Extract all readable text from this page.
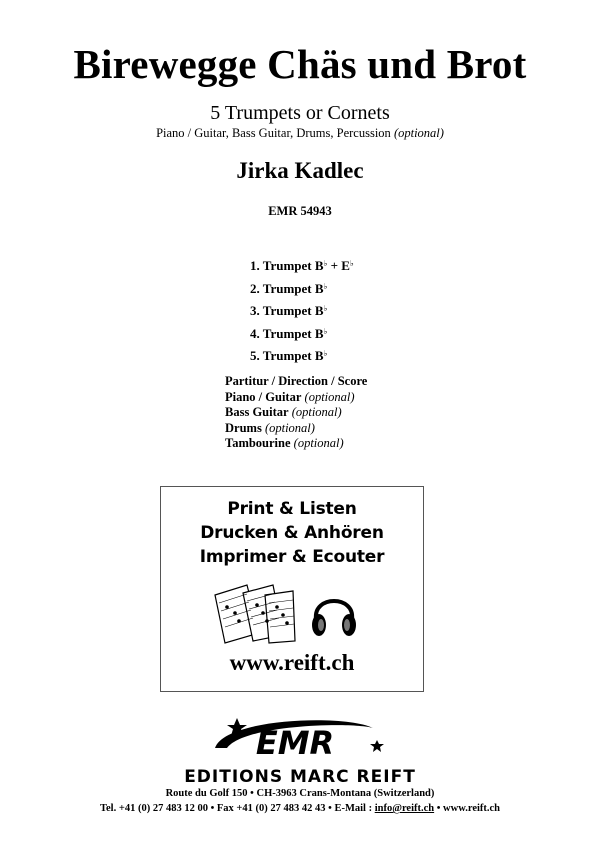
Birewegge Chäs und Brot
5 Trumpets or Cornets
Piano / Guitar, Bass Guitar, Drums, Percussion (optional)
Jirka Kadlec
EMR 54943
1. Trumpet B♭ + E♭
2. Trumpet B♭
3. Trumpet B♭
4. Trumpet B♭
5. Trumpet B♭
Partitur / Direction / Score
Piano / Guitar (optional)
Bass Guitar (optional)
Drums (optional)
Tambourine (optional)
Print & Listen
Drucken & Anhören
Imprimer & Ecouter
www.reift.ch
EMR
EDITIONS MARC REIFT
Route du Golf 150 • CH-3963 Crans-Montana (Switzerland)
Tel. +41 (0) 27 483 12 00 • Fax +41 (0) 27 483 42 43 • E-Mail : info@reift.ch • www.reift.ch
